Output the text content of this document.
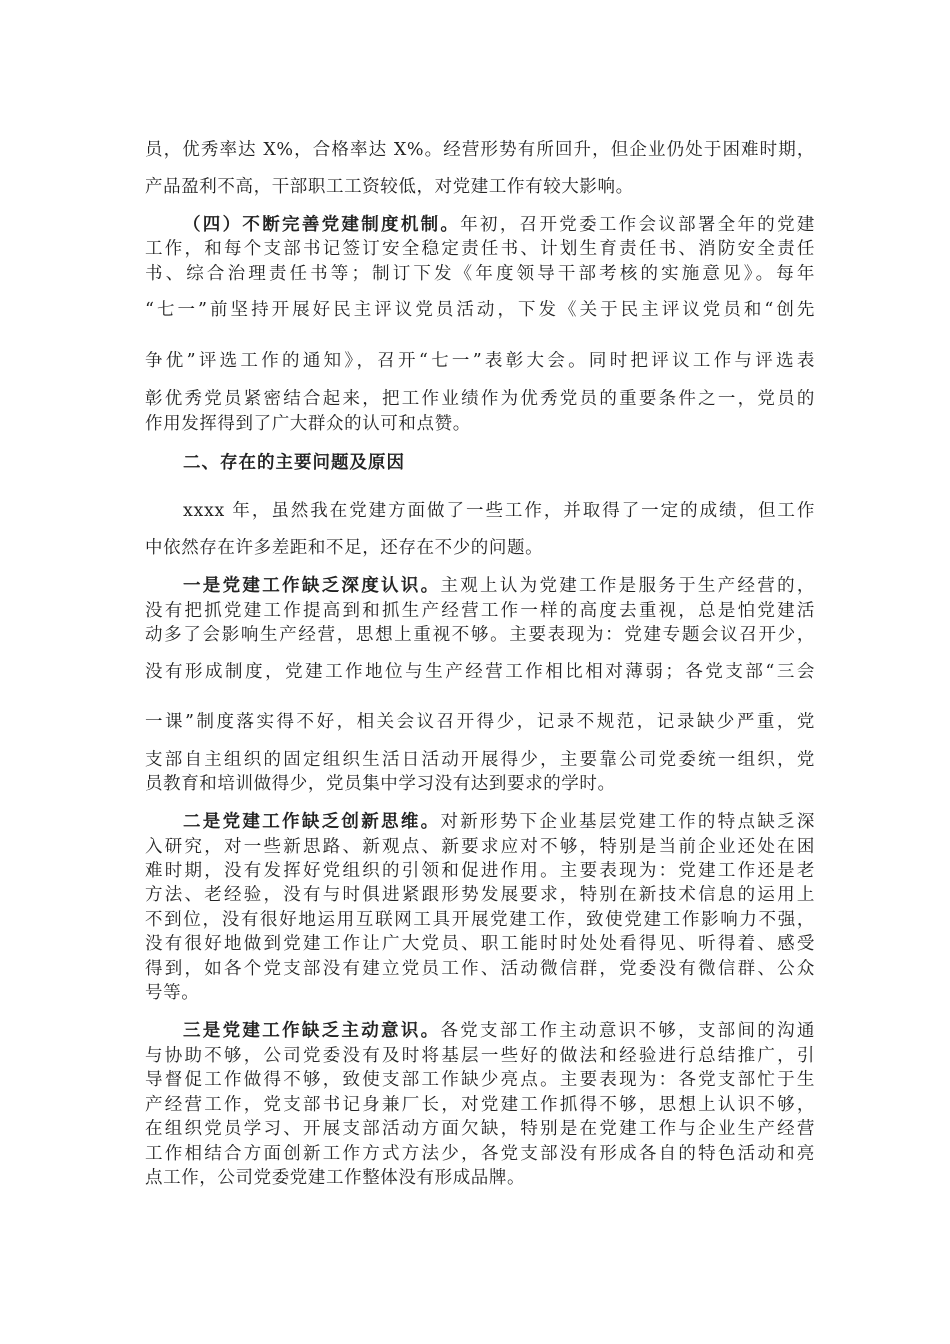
员，优秀率达 X%，合格率达 X%。经营形势有所回升，但企业仍处于困难时期，
产品盈利不高，干部职工工资较低，对党建工作有较大影响。
（四）不断完善党建制度机制。年初，召开党委工作会议部署全年的党建
工作，和每个支部书记签订安全稳定责任书、计划生育责任书、消防安全责任
书、综合治理责任书等；制订下发《年度领导干部考核的实施意见》。每年
“七一”前坚持开展好民主评议党员活动，下发《关于民主评议党员和“创先
争优”评选工作的通知》，召开“七一”表彰大会。同时把评议工作与评选表
彰优秀党员紧密结合起来，把工作业绩作为优秀党员的重要条件之一，党员的
作用发挥得到了广大群众的认可和点赞。
二、存在的主要问题及原因
xxxx 年，虽然我在党建方面做了一些工作，并取得了一定的成绩，但工作
中依然存在许多差距和不足，还存在不少的问题。
一是党建工作缺乏深度认识。主观上认为党建工作是服务于生产经营的，
没有把抓党建工作提高到和抓生产经营工作一样的高度去重视，总是怕党建活
动多了会影响生产经营，思想上重视不够。主要表现为：党建专题会议召开少，
没有形成制度，党建工作地位与生产经营工作相比相对薄弱；各党支部“三会
一课”制度落实得不好，相关会议召开得少，记录不规范，记录缺少严重，党
支部自主组织的固定组织生活日活动开展得少，主要靠公司党委统一组织，党
员教育和培训做得少，党员集中学习没有达到要求的学时。
二是党建工作缺乏创新思维。对新形势下企业基层党建工作的特点缺乏深
入研究，对一些新思路、新观点、新要求应对不够，特别是当前企业还处在困
难时期，没有发挥好党组织的引领和促进作用。主要表现为：党建工作还是老
方法、老经验，没有与时俱进紧跟形势发展要求，特别在新技术信息的运用上
不到位，没有很好地运用互联网工具开展党建工作，致使党建工作影响力不强，
没有很好地做到党建工作让广大党员、职工能时时处处看得见、听得着、感受
得到，如各个党支部没有建立党员工作、活动微信群，党委没有微信群、公众
号等。
三是党建工作缺乏主动意识。各党支部工作主动意识不够，支部间的沟通
与协助不够，公司党委没有及时将基层一些好的做法和经验进行总结推广，引
导督促工作做得不够，致使支部工作缺少亮点。主要表现为：各党支部忙于生
产经营工作，党支部书记身兼厂长，对党建工作抓得不够，思想上认识不够，
在组织党员学习、开展支部活动方面欠缺，特别是在党建工作与企业生产经营
工作相结合方面创新工作方式方法少，各党支部没有形成各自的特色活动和亮
点工作，公司党委党建工作整体没有形成品牌。
